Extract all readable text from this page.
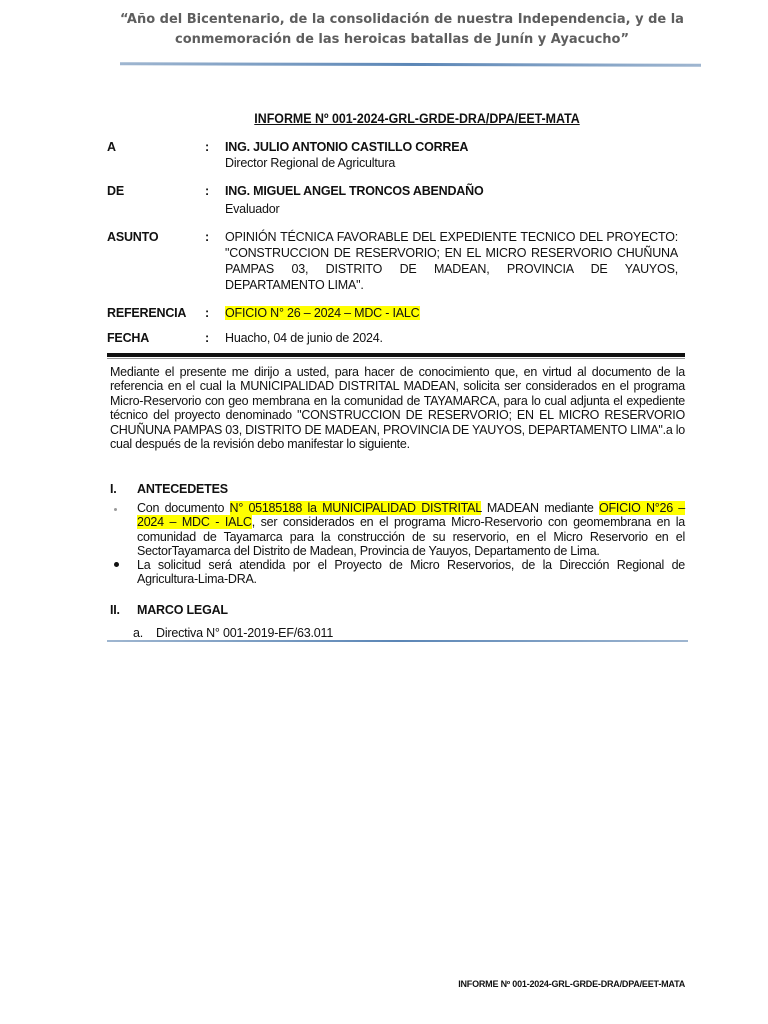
“Año del Bicentenario, de la consolidación de nuestra Independencia, y de la
conmemoración de las heroicas batallas de Junín y Ayacucho”
INFORME Nº 001-2024-GRL-GRDE-DRA/DPA/EET-MATA
A	: ING. JULIO ANTONIO CASTILLO CORREA
Director Regional de Agricultura
DE	: ING. MIGUEL ANGEL TRONCOS ABENDAÑO
Evaluador
ASUNTO	: OPINIÓN TÉCNICA FAVORABLE DEL EXPEDIENTE TECNICO DEL PROYECTO: "CONSTRUCCION DE RESERVORIO; EN EL MICRO RESERVORIO CHUÑUNA PAMPAS 03, DISTRITO DE MADEAN, PROVINCIA DE YAUYOS, DEPARTAMENTO LIMA".
REFERENCIA : OFICIO N° 26 – 2024 – MDC - IALC
FECHA	: Huacho, 04 de junio de 2024.
Mediante el presente me dirijo a usted, para hacer de conocimiento que, en virtud al documento de la referencia en el cual la MUNICIPALIDAD DISTRITAL MADEAN, solicita ser considerados en el programa Micro-Reservorio con geo membrana en la comunidad de TAYAMARCA, para lo cual adjunta el expediente técnico del proyecto denominado "CONSTRUCCION DE RESERVORIO; EN EL MICRO RESERVORIO CHUÑUNA PAMPAS 03, DISTRITO DE MADEAN, PROVINCIA DE YAUYOS, DEPARTAMENTO LIMA".a lo cual después de la revisión debo manifestar lo siguiente.
I. ANTECEDETES
Con documento N° 05185188 la MUNICIPALIDAD DISTRITAL MADEAN mediante OFICIO N°26 – 2024 – MDC - IALC, ser considerados en el programa Micro-Reservorio con geomembrana en la comunidad de Tayamarca para la construcción de su reservorio, en el Micro Reservorio en el SectorTayamarca del Distrito de Madean, Provincia de Yauyos, Departamento de Lima.
La solicitud será atendida por el Proyecto de Micro Reservorios, de la Dirección Regional de Agricultura-Lima-DRA.
II. MARCO LEGAL
a. Directiva N° 001-2019-EF/63.011
INFORME Nº 001-2024-GRL-GRDE-DRA/DPA/EET-MATA
